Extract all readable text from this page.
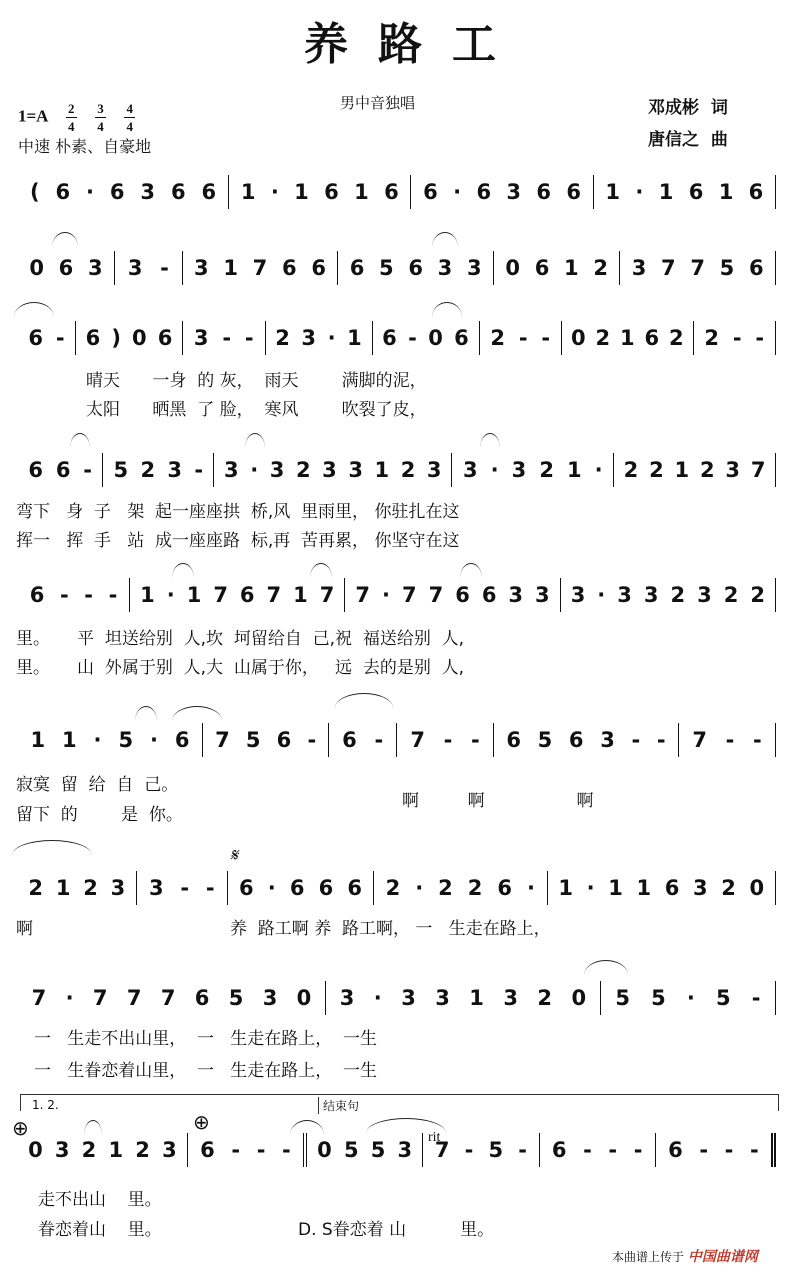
养路工
$1=A \frac{2}{4}$
$\frac{3}{4}$
$\frac{4}{4}$
中速 朴素、自豪地
男中音独唱	邓成彬  词
唐信之  曲
( 6 · 6 3 6 6 1 · 1 6 1 6 6 · 6 3 6 6 1 · 1 6 1 6
0 6 3 3 - 3 1 7 6 6 6 5 6 3 3 0 6 1 2 3 7 7 5 6
6 - 6 ) 0 6 3 - - 2 3 · 1 6 - 0 6 2 - - 0 2 1 6 2 2 - -
6 6 - 5 2 3 - 3 · 3 2 3 3 1 2 3 3 · 3 2 1 · 2 2 1 2 3 7
6 - - - 1 · 1 7 6 7 1 7 7 · 7 7 6 6 3 3 3 · 3 3 2 3 2 2
1 1 · 5 · 6 7 5 6 - 6 - 7 - - 6 5 6 3 - - 7 - -
2 1 2 3 3 - - 6 · 6 6 6 2 · 2 2 6 · 1 · 1 1 6 3 2 0
7 · 7 7 7 6 5 3 0 3 · 3 3 1 3 2 0 5 5 · 5 -
0 3 2 1 2 3 6 - - - 0 5 5 3 7 - 5 - 6 - - - 6 - - -
1. 2.	结束句
⊕	⊕
rit
𝄋
晴天      一身  的 灰，  雨天        满脚的泥，
太阳      晒黑  了 脸，  寒风        吹裂了皮，
弯下   身  子   架  起一座座拱  桥,风  里雨里， 你驻扎在这
挥一   挥  手   站  成一座座路  标,再  苦再累， 你坚守在这
里。     平  坦送给别  人,坎  坷留给自  己,祝  福送给别  人,
里。     山  外属于别  人,大  山属于你，   远  去的是别  人,
寂寞  留  给  自  己。
留下  的        是  你。
啊         啊                 啊
啊	养  路工啊 养  路工啊， 一   生走在路上，
一   生走不出山里，  一   生走在路上，  一生
一   生眷恋着山里，  一   生走在路上，  一生
走不出山    里。
眷恋着山    里。	D. S眷恋着 山          里。
本曲谱上传于 中国曲谱网
